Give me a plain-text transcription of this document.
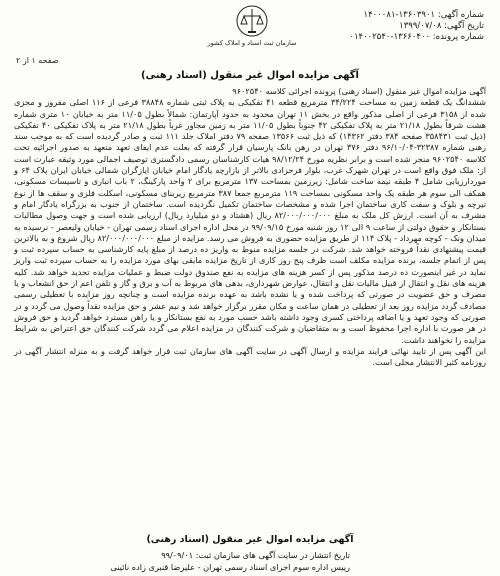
شماره آگهی: ۱۳۶۰۳۹۰۱-۱۴۰۰۰۸۱
تاریخ آگهی: ۱۳۹۹/۰۷/۰۸
شماره پرونده: ۱۳۶۶۰۴۰۰-۰۱۴۰۰۲۵۴۰
سازمان ثبت اسناد و املاک کشور
صفحه ۱ از ۲
آگهی مزایده اموال غیر منقول (اسناد رهنی)
آگهی مزایده اموال غیر منقول (اسناد رهنی) پرونده اجرائی کلاسه ۹۶۰۲۵۴۰
ششدانگ یک قطعه زمین به مساحت ۳۴/۲۲۴ مترمربع قطعه ۴۱ تفکیکی به پلاک ثبتی شماره ۳۸۸۴۸ فرعی از ۱۱۶ اصلی مفروز و مجزی شده از ۳۱۵۸ فرعی از اصلی مذکور واقع در بخش ۱۱ تهران محدود به حدود آپارتمان: شمالاً بطول ۱۱/۰۵ متر به خیابان ۱۰ متری شماره هشت شرقاً بطول ۲۱/۱۸ متر به پلاک تفکیکی ۴۲ جنوباً بطول ۱۱/۰۵ متر به زمین مجاور غرباً بطول ۲۱/۱۸ متر به پلاک تفکیکی ۴۰ تفکیکی (ذیل ثبت ۳۵۸۴۳۱ صفحه ۳۸۴ دفتر ۱۴۳۶۲) که ذیل ثبت ۱۳۵۶۶ صفحه ۷۹ دفتر املاک جلد ۱۱۱ ثبت و صادر گردیده است که به موجب سند رهنی شماره ۳۲۳۸۷-۹۶/۱۰/۰۴ دفتر ۳۷۶ تهران در رهن بانک پارسیان قرار گرفته که بعلت عدم ایفای تعهد متعهد به صدور اجرائیه تحت کلاسه ۹۶۰۲۵۴۰ منجر شده است و برابر نظریه مورخ ۹۸/۱۲/۲۴ هیات کارشناسان رسمی دادگستری توصیف اجمالی مورد وثیقه عبارت است از: ملک فوق واقع است در تهران شهرک غرب، بلوار فرحزادی بالاتر از بازارچه یادگار امام خیابان ایازگران شمالی خیابان ایران پلاک ۶۴ و موردارزیابی شامل ۴ طبقه نیمه ساخت شامل: زیرزمین بمساحت ۱۳۷ مترمربع برای ۲ واحد پارکینگ، ۲ باب انباری و تاسیسات مسکونی، همکف الی سوم هر طبقه یک واحد مسکونی بمساحت ۱۱۹ مترمربع جمعا ۳۸۷ مترمربع زیربنای مسکونی، اسکلت فلزی و سقف ها از نوع تیرچه و بلوک و سفت کاری ساختمان اجرا شده و مشخصات ساختمان تکمیل نگردیده است. ساختمان از جنوب به بزرگراه یادگار امام و مشرف به آن است. ارزش کل ملک به مبلغ ۸۲/۰۰۰/۰۰۰/۰۰۰ ریال (هشتاد و دو میلیارد ریال) ارزیابی شده است و جهت وصول مطالبات بستانکار و حقوق دولتی از ساعت ۹ الی ۱۲ روز شنبه مورخ ۹۹/۰۹/۱۵ در محل اداره اجرای اسناد رسمی تهران - خیابان ولیعصر - نرسیده به میدان ونک - کوچه مهرداد - پلاک ۱۱۴ از طریق مزایده حضوری به فروش می رسد. مزایده از مبلغ ۸۲/۰۰۰/۰۰۰/۰۰۰ ریال شروع و به بالاترین قیمت پیشنهادی نقداً فروخته خواهد شد. شرکت در جلسه مزایده منوط به واریز ده درصد از مبلغ پایه کارشناسی به حساب سپرده ثبت و پس از اتمام جلسه، برنده مزایده مکلف است ظرف پنج روز کاری از تاریخ مزایده مابقی بهای مورد مزایده را به حساب سپرده ثبت واریز نماید در غیر اینصورت ده درصد مذکور پس از کسر هزینه های مزایده به نفع صندوق دولت ضبط و عملیات مزایده تجدید خواهد شد. کلیه هزینه های نقل و انتقال از قبیل مالیات نقل و انتقال، عوارض شهرداری، بدهی های مربوط به آب و برق و گاز و تلفن اعم از حق انشعاب و یا مصرف و حق عضویت در صورتی که پرداخت شده و یا نشده باشد به عهده برنده مزایده است و چنانچه روز مزایده با تعطیلی رسمی مصادف گردد مزایده روز بعد از تعطیلی در همان ساعت و مکان مقرر برگزار خواهد شد و نیم عشر و حق مزایده نقداً وصول می گردد و در صورتی که وجود تعهد و یا اضافه پرداختی کسری وجود داشته باشد حسب مورد به نفع بستانکار و یا راهن مسترد خواهد گردید و حق فروش در هر صورت با اداره اجرا محفوظ است و به متقاضیان و شرکت کنندگان در مزایده اعلام می گردد شرکت کنندگان حق اعتراض به شرایط مزایده را نخواهند داشت.
این آگهی پس از تایید نهائی فرایند مزایده و ارسال آگهی در سایت آگهی های سازمان ثبت قرار خواهد گرفت و به منزله انتشار آگهی در روزنامه کثیر الانتشار محلی است.
آگهی مزایده اموال غیر منقول (اسناد رهنی)
تاریخ انتشار در سایت آگهی های سازمان ثبت: ۹۹/۰۹/۰۱
رییس اداره سوم اجرای اسناد رسمی تهران - علیرضا قنبری زاده نائینی
